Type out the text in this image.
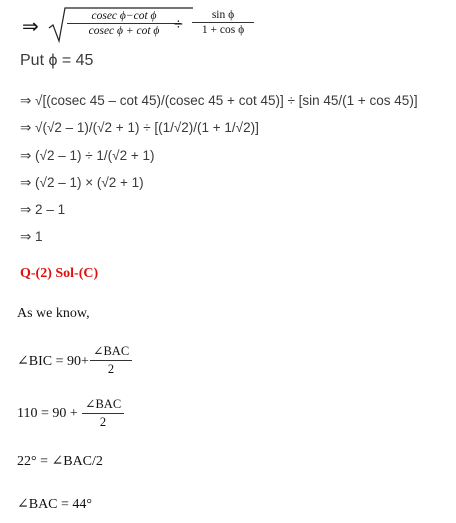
⇒ $\frac{\text{cosec ϕ−cot ϕ}}{\text{cosec ϕ + cot ϕ}}$
÷ $\frac{\text{sin ϕ}}{\text{1 + cos ϕ}}$
Put ϕ = 45
⇒ √[(cosec 45 – cot 45)/(cosec 45 + cot 45)] ÷ [sin 45/(1 + cos 45)]
⇒ √(√2 – 1)/(√2 + 1) ÷ [(1/√2)/(1 + 1/√2)]
⇒ (√2 – 1) ÷ 1/(√2 + 1)
⇒ (√2 – 1) × (√2 + 1)
⇒ 2 – 1
⇒ 1
Q-(2) Sol-(C)
As we know,
∠BIC = 90+
∠BAC
2
110 = 90 +
∠BAC
2
22° = ∠BAC/2
∠BAC = 44°
